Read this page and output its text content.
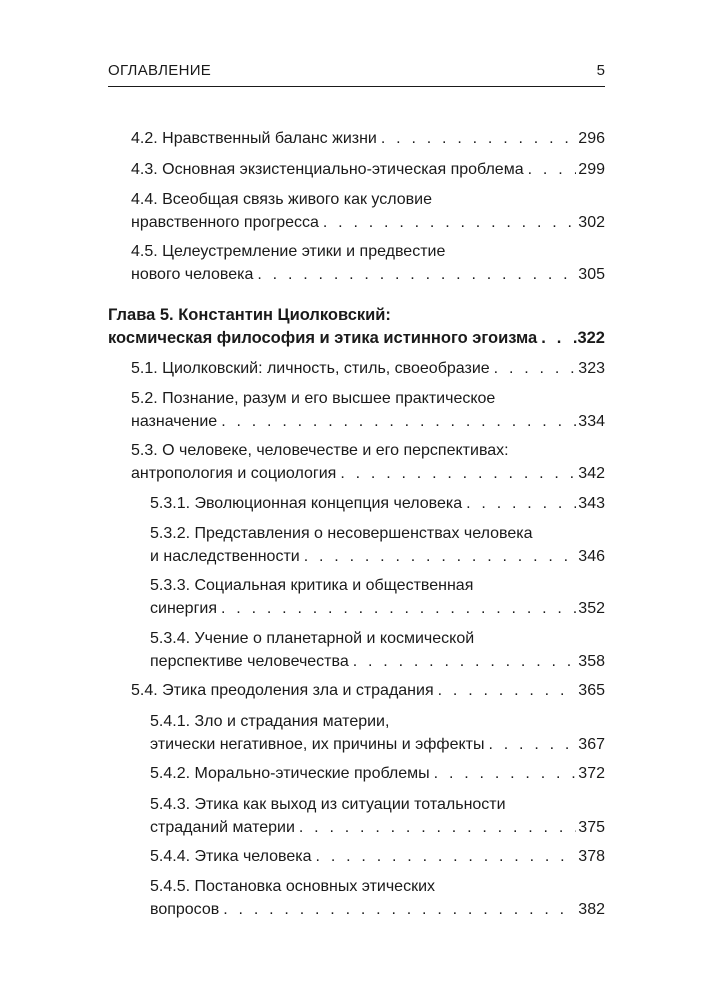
ОГЛАВЛЕНИЕ	5
4.2. Нравственный баланс жизни . . .	296
4.3. Основная экзистенциально-этическая проблема . . .	299
4.4. Всеобщая связь живого как условие
нравственного прогресса . . .	302
4.5. Целеустремление этики и предвестие
нового человека . . .	305
Глава 5. Константин Циолковский:
космическая философия и этика истинного эгоизма . . . .322
5.1. Циолковский: личность, стиль, своеобразие . . .	323
5.2. Познание, разум и его высшее практическое
назначение . . .	334
5.3. О человеке, человечестве и его перспективах:
антропология и социология . . .	342
5.3.1. Эволюционная концепция человека . . .	343
5.3.2. Представления о несовершенствах человека
и наследственности . . .	346
5.3.3. Социальная критика и общественная
синергия . . .	352
5.3.4. Учение о планетарной и космической
перспективе человечества . . .	358
5.4. Этика преодоления зла и страдания . . .	365
5.4.1. Зло и страдания материи,
этически негативное, их причины и эффекты . . .	367
5.4.2. Морально-этические проблемы . . .	372
5.4.3. Этика как выход из ситуации тотальности
страданий материи . . .	375
5.4.4. Этика человека . . .	378
5.4.5. Постановка основных этических
вопросов . . .	382
